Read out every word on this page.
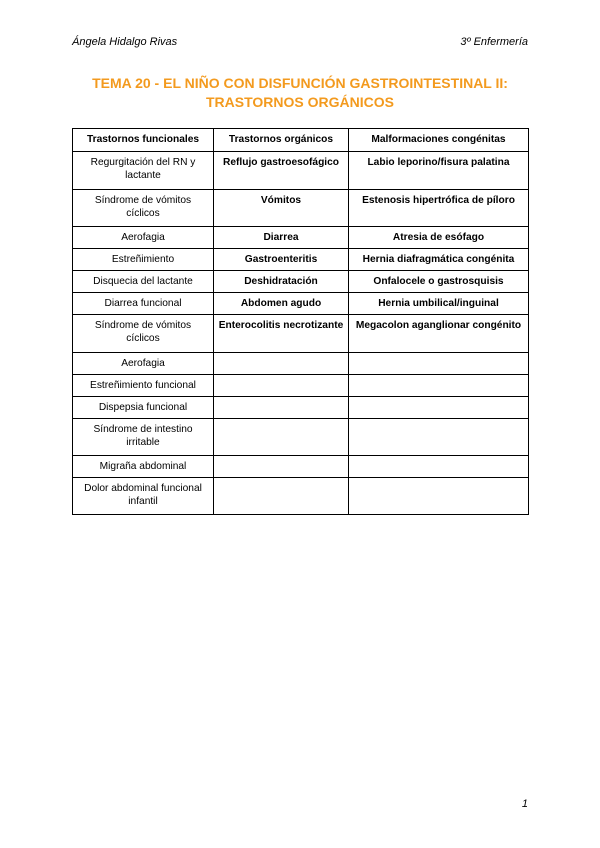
Ángela Hidalgo Rivas	3º Enfermería
TEMA 20 - EL NIÑO CON DISFUNCIÓN GASTROINTESTINAL II:
TRASTORNOS ORGÁNICOS
Trastornos funcionales	Trastornos orgánicos	Malformaciones congénitas
Regurgitación del RN y lactante	Reflujo gastroesofágico	Labio leporino/fisura palatina
Síndrome de vómitos cíclicos	Vómitos	Estenosis hipertrófica de píloro
Aerofagia	Diarrea	Atresia de esófago
Estreñimiento	Gastroenteritis	Hernia diafragmática congénita
Disquecia del lactante	Deshidratación	Onfalocele o gastrosquisis
Diarrea funcional	Abdomen agudo	Hernia umbilical/inguinal
Síndrome de vómitos cíclicos	Enterocolitis necrotizante	Megacolon aganglionar congénito
Aerofagia		
Estreñimiento funcional		
Dispepsia funcional		
Síndrome de intestino irritable		
Migraña abdominal		
Dolor abdominal funcional infantil		
1
